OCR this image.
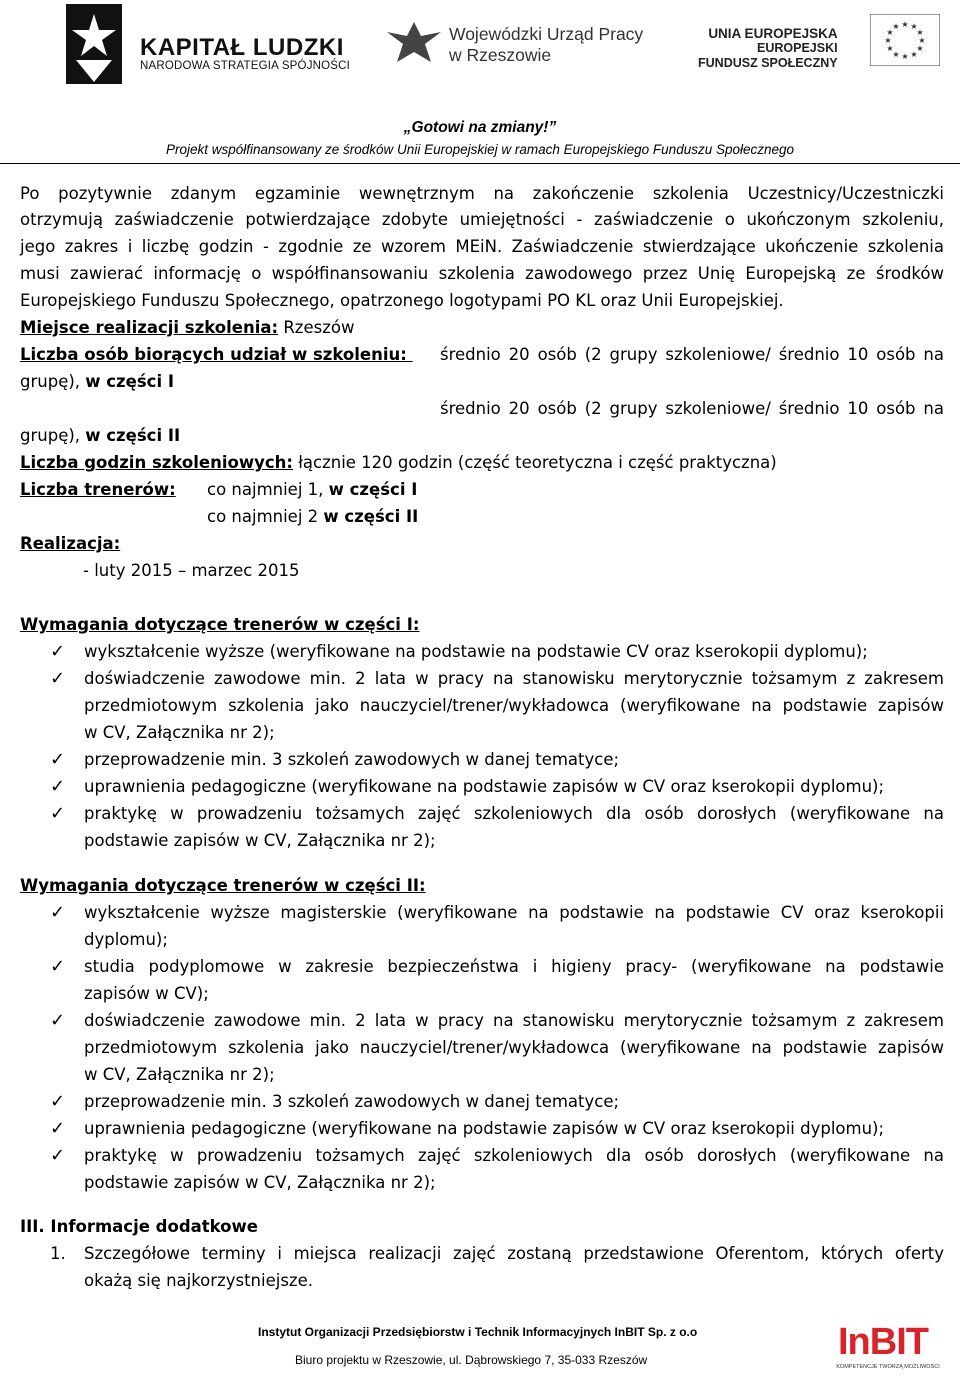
KAPITAŁ LUDZKI
NARODOWA STRATEGIA SPÓJNOŚCI
Wojewódzki Urząd Pracy
w Rzeszowie
UNIA EUROPEJSKA
EUROPEJSKI
FUNDUSZ SPOŁECZNY
★ ★
★
★
★
★
★
★
★
★
★
★
„Gotowi na zmiany!”
Projekt współfinansowany ze środków Unii Europejskiej w ramach Europejskiego Funduszu Społecznego
Po pozytywnie zdanym egzaminie wewnętrznym na zakończenie szkolenia Uczestnicy/Uczestniczki
otrzymują zaświadczenie potwierdzające zdobyte umiejętności - zaświadczenie o ukończonym szkoleniu,
jego zakres i liczbę godzin - zgodnie ze wzorem MEiN. Zaświadczenie stwierdzające ukończenie szkolenia
musi zawierać informację o współfinansowaniu szkolenia zawodowego przez Unię Europejską ze środków
Europejskiego Funduszu Społecznego, opatrzonego logotypami PO KL oraz Unii Europejskiej.
Miejsce realizacji szkolenia: Rzeszów
Liczba osób biorących udział w szkoleniu:	średnio 20 osób (2 grupy szkoleniowe/ średnio 10 osób na
grupę), w części I
średnio 20 osób (2 grupy szkoleniowe/ średnio 10 osób na
grupę), w części II
Liczba godzin szkoleniowych: łącznie 120 godzin (część teoretyczna i część praktyczna)
Liczba trenerów:	co najmniej 1, w części I
co najmniej 2 w części II
Realizacja:
- luty 2015 – marzec 2015
Wymagania dotyczące trenerów w części I:
✓ wykształcenie wyższe (weryfikowane na podstawie na podstawie CV oraz kserokopii dyplomu);
✓ doświadczenie zawodowe min. 2 lata w pracy na stanowisku merytorycznie tożsamym z zakresem
przedmiotowym szkolenia jako nauczyciel/trener/wykładowca (weryfikowane na podstawie zapisów
w CV, Załącznika nr 2);
✓ przeprowadzenie min. 3 szkoleń zawodowych w danej tematyce;
✓ uprawnienia pedagogiczne (weryfikowane na podstawie zapisów w CV oraz kserokopii dyplomu);
✓ praktykę w prowadzeniu tożsamych zajęć szkoleniowych dla osób dorosłych (weryfikowane na
podstawie zapisów w CV, Załącznika nr 2);
Wymagania dotyczące trenerów w części II:
✓ wykształcenie wyższe magisterskie (weryfikowane na podstawie na podstawie CV oraz kserokopii
dyplomu);
✓ studia podyplomowe w zakresie bezpieczeństwa i higieny pracy- (weryfikowane na podstawie
zapisów w CV);
✓ doświadczenie zawodowe min. 2 lata w pracy na stanowisku merytorycznie tożsamym z zakresem
przedmiotowym szkolenia jako nauczyciel/trener/wykładowca (weryfikowane na podstawie zapisów
w CV, Załącznika nr 2);
✓ przeprowadzenie min. 3 szkoleń zawodowych w danej tematyce;
✓ uprawnienia pedagogiczne (weryfikowane na podstawie zapisów w CV oraz kserokopii dyplomu);
✓ praktykę w prowadzeniu tożsamych zajęć szkoleniowych dla osób dorosłych (weryfikowane na
podstawie zapisów w CV, Załącznika nr 2);
III. Informacje dodatkowe
1. Szczegółowe terminy i miejsca realizacji zajęć zostaną przedstawione Oferentom, których oferty
okażą się najkorzystniejsze.
Instytut Organizacji Przedsiębiorstw i Technik Informacyjnych InBIT Sp. z o.o
Biuro projektu w Rzeszowie, ul. Dąbrowskiego 7, 35-033 Rzeszów	InBIT
KOMPETENCJE TWORZĄ MOŻLIWOŚCI
